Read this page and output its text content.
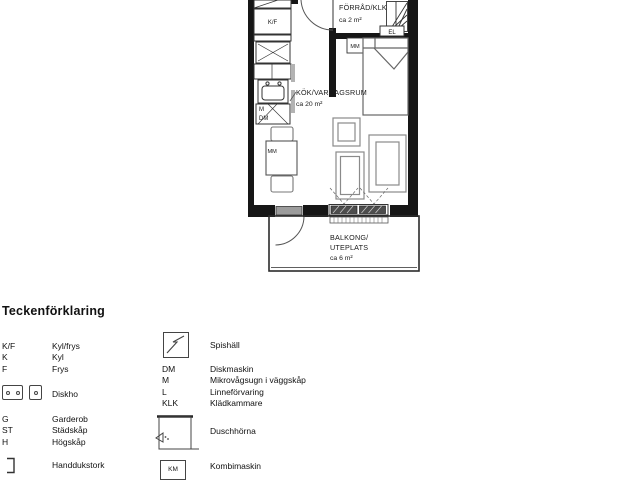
FÖRRÅD/KLK
ca 2 m²
EL
MM
K/F
M
DM
MM
KÖK/VARDAGSRUM
ca 20 m²
BALKONG/
UTEPLATS
ca 6 m²
Teckenförklaring
K/F	Kyl/frys
K	Kyl
F	Frys
Diskho
G	Garderob
ST	Städskåp
H	Högskåp
Handdukstork
Spishäll
DM	Diskmaskin
M	Mikrovågsugn i väggskåp
L	Linneförvaring
KLK	Klädkammare
Duschhörna
KM	Kombimaskin
